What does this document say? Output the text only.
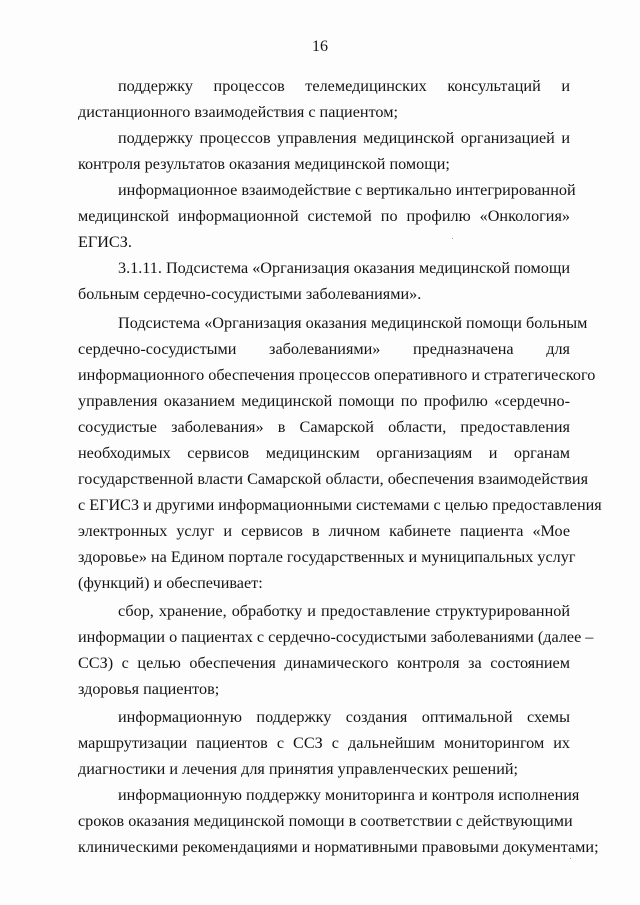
16
поддержку процессов телемедицинских консультаций и
дистанционного взаимодействия с пациентом;
поддержку процессов управления медицинской организацией и
контроля результатов оказания медицинской помощи;
информационное взаимодействие с вертикально интегрированной
медицинской информационной системой по профилю «Онкология»
ЕГИСЗ.
3.1.11. Подсистема «Организация оказания медицинской помощи
больным сердечно-сосудистыми заболеваниями».
Подсистема «Организация оказания медицинской помощи больным
сердечно-сосудистыми заболеваниями» предназначена для
информационного обеспечения процессов оперативного и стратегического
управления оказанием медицинской помощи по профилю «сердечно-
сосудистые заболевания» в Самарской области, предоставления
необходимых сервисов медицинским организациям и органам
государственной власти Самарской области, обеспечения взаимодействия
с ЕГИСЗ и другими информационными системами с целью предоставления
электронных услуг и сервисов в личном кабинете пациента «Мое
здоровье» на Едином портале государственных и муниципальных услуг
(функций) и обеспечивает:
сбор, хранение, обработку и предоставление структурированной
информации о пациентах с сердечно-сосудистыми заболеваниями (далее –
ССЗ) с целью обеспечения динамического контроля за состоянием
здоровья пациентов;
информационную поддержку создания оптимальной схемы
маршрутизации пациентов с ССЗ с дальнейшим мониторингом их
диагностики и лечения для принятия управленческих решений;
информационную поддержку мониторинга и контроля исполнения
сроков оказания медицинской помощи в соответствии с действующими
клиническими рекомендациями и нормативными правовыми документами;
